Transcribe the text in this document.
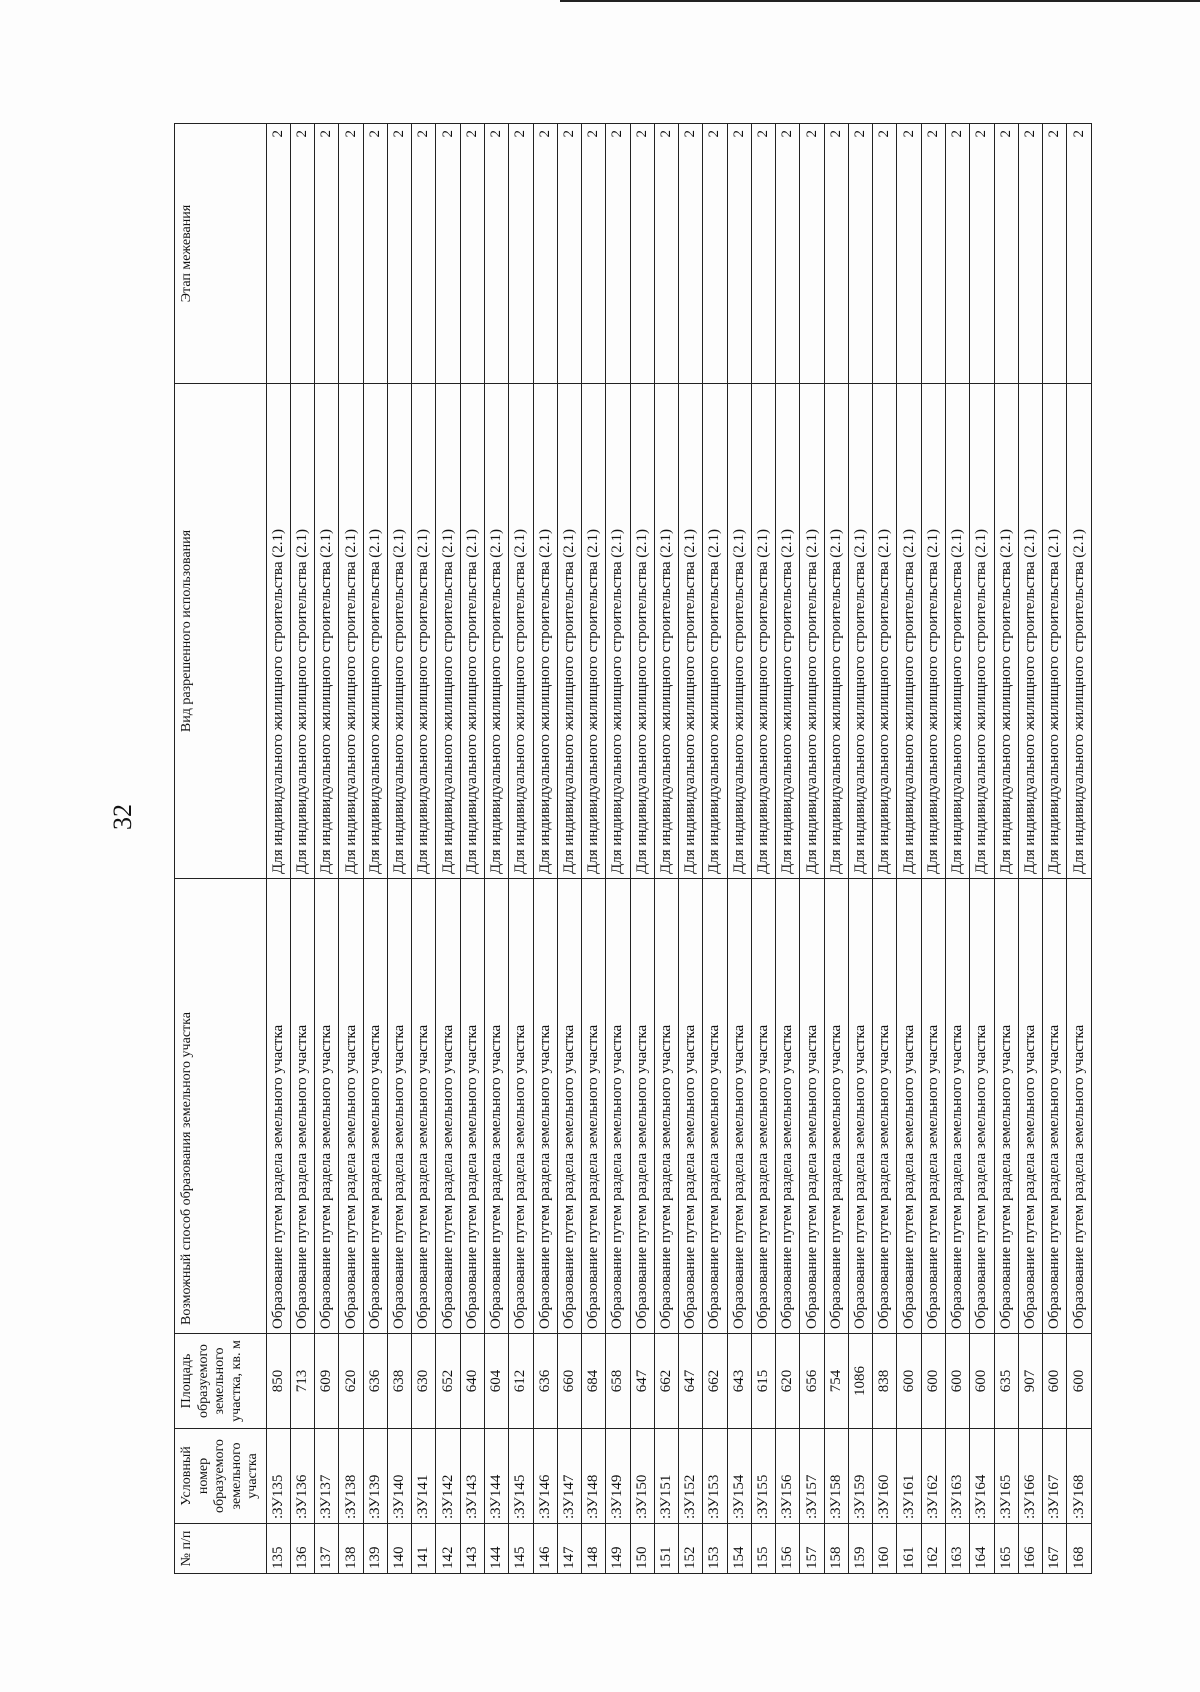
32
№ п/п	Условный номер образуемого земельного участка	Площадь образуемого земельного участка, кв. м	Возможный способ образования земельного участка	Вид разрешенного использования	Этап межевания
135	:ЗУ135	850	Образование путем раздела земельного участка	Для индивидуального жилищного строительства (2.1)	2
136	:ЗУ136	713	Образование путем раздела земельного участка	Для индивидуального жилищного строительства (2.1)	2
137	:ЗУ137	609	Образование путем раздела земельного участка	Для индивидуального жилищного строительства (2.1)	2
138	:ЗУ138	620	Образование путем раздела земельного участка	Для индивидуального жилищного строительства (2.1)	2
139	:ЗУ139	636	Образование путем раздела земельного участка	Для индивидуального жилищного строительства (2.1)	2
140	:ЗУ140	638	Образование путем раздела земельного участка	Для индивидуального жилищного строительства (2.1)	2
141	:ЗУ141	630	Образование путем раздела земельного участка	Для индивидуального жилищного строительства (2.1)	2
142	:ЗУ142	652	Образование путем раздела земельного участка	Для индивидуального жилищного строительства (2.1)	2
143	:ЗУ143	640	Образование путем раздела земельного участка	Для индивидуального жилищного строительства (2.1)	2
144	:ЗУ144	604	Образование путем раздела земельного участка	Для индивидуального жилищного строительства (2.1)	2
145	:ЗУ145	612	Образование путем раздела земельного участка	Для индивидуального жилищного строительства (2.1)	2
146	:ЗУ146	636	Образование путем раздела земельного участка	Для индивидуального жилищного строительства (2.1)	2
147	:ЗУ147	660	Образование путем раздела земельного участка	Для индивидуального жилищного строительства (2.1)	2
148	:ЗУ148	684	Образование путем раздела земельного участка	Для индивидуального жилищного строительства (2.1)	2
149	:ЗУ149	658	Образование путем раздела земельного участка	Для индивидуального жилищного строительства (2.1)	2
150	:ЗУ150	647	Образование путем раздела земельного участка	Для индивидуального жилищного строительства (2.1)	2
151	:ЗУ151	662	Образование путем раздела земельного участка	Для индивидуального жилищного строительства (2.1)	2
152	:ЗУ152	647	Образование путем раздела земельного участка	Для индивидуального жилищного строительства (2.1)	2
153	:ЗУ153	662	Образование путем раздела земельного участка	Для индивидуального жилищного строительства (2.1)	2
154	:ЗУ154	643	Образование путем раздела земельного участка	Для индивидуального жилищного строительства (2.1)	2
155	:ЗУ155	615	Образование путем раздела земельного участка	Для индивидуального жилищного строительства (2.1)	2
156	:ЗУ156	620	Образование путем раздела земельного участка	Для индивидуального жилищного строительства (2.1)	2
157	:ЗУ157	656	Образование путем раздела земельного участка	Для индивидуального жилищного строительства (2.1)	2
158	:ЗУ158	754	Образование путем раздела земельного участка	Для индивидуального жилищного строительства (2.1)	2
159	:ЗУ159	1086	Образование путем раздела земельного участка	Для индивидуального жилищного строительства (2.1)	2
160	:ЗУ160	838	Образование путем раздела земельного участка	Для индивидуального жилищного строительства (2.1)	2
161	:ЗУ161	600	Образование путем раздела земельного участка	Для индивидуального жилищного строительства (2.1)	2
162	:ЗУ162	600	Образование путем раздела земельного участка	Для индивидуального жилищного строительства (2.1)	2
163	:ЗУ163	600	Образование путем раздела земельного участка	Для индивидуального жилищного строительства (2.1)	2
164	:ЗУ164	600	Образование путем раздела земельного участка	Для индивидуального жилищного строительства (2.1)	2
165	:ЗУ165	635	Образование путем раздела земельного участка	Для индивидуального жилищного строительства (2.1)	2
166	:ЗУ166	907	Образование путем раздела земельного участка	Для индивидуального жилищного строительства (2.1)	2
167	:ЗУ167	600	Образование путем раздела земельного участка	Для индивидуального жилищного строительства (2.1)	2
168	:ЗУ168	600	Образование путем раздела земельного участка	Для индивидуального жилищного строительства (2.1)	2
